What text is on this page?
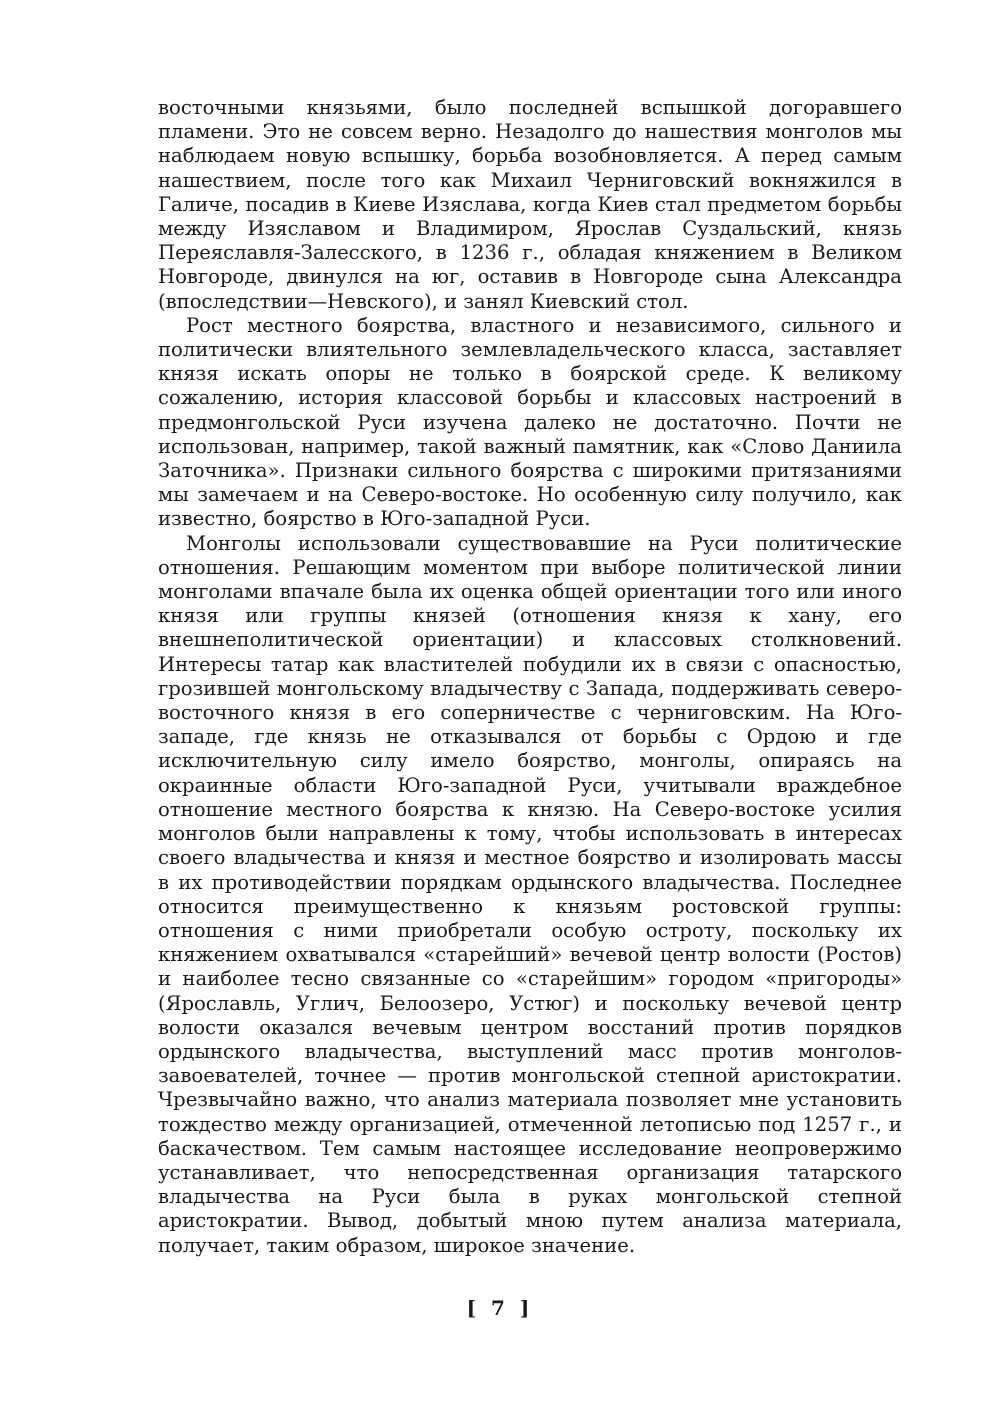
восточными князьями, было последней вспышкой догоравшего пламени. Это не совсем верно. Незадолго до нашествия монголов мы наблюдаем новую вспышку, борьба возобновляется. А перед самым нашествием, после того как Михаил Черниговский вокняжился в Галиче, посадив в Киеве Изяслава, когда Киев стал предметом борьбы между Изяславом и Владимиром, Ярослав Суздальский, князь Переяславля-Залесского, в 1236 г., обладая княжением в Великом Новгороде, двинулся на юг, оставив в Новгороде сына Александра (впоследствии—Невского), и занял Киевский стол.

Рост местного боярства, властного и независимого, сильного и политически влиятельного землевладельческого класса, заставляет князя искать опоры не только в боярской среде. К великому сожалению, история классовой борьбы и классовых настроений в предмонгольской Руси изучена далеко не достаточно. Почти не использован, например, такой важный памятник, как «Слово Даниила Заточника». Признаки сильного боярства с широкими притязаниями мы замечаем и на Северо-востоке. Но особенную силу получило, как известно, боярство в Юго-западной Руси.

Монголы использовали существовавшие на Руси политические отношения. Решающим моментом при выборе политической линии монголами впачале была их оценка общей ориентации того или иного князя или группы князей (отношения князя к хану, его внешнеполитической ориентации) и классовых столкновений. Интересы татар как властителей побудили их в связи с опасностью, грозившей монгольскому владычеству с Запада, поддерживать северо-восточного князя в его соперничестве с черниговским. На Юго-западе, где князь не отказывался от борьбы с Ордою и где исключительную силу имело боярство, монголы, опираясь на окраинные области Юго-западной Руси, учитывали враждебное отношение местного боярства к князю. На Северо-востоке усилия монголов были направлены к тому, чтобы использовать в интересах своего владычества и князя и местное боярство и изолировать массы в их противодействии порядкам ордынского владычества. Последнее относится преимущественно к князьям ростовской группы: отношения с ними приобретали особую остроту, поскольку их княжением охватывался «старейший» вечевой центр волости (Ростов) и наиболее тесно связанные со «старейшим» городом «пригороды» (Ярославль, Углич, Белоозеро, Устюг) и поскольку вечевой центр волости оказался вечевым центром восстаний против порядков ордынского владычества, выступлений масс против монголов-завоевателей, точнее — против монгольской степной аристократии. Чрезвычайно важно, что анализ материала позволяет мне установить тождество между организацией, отмеченной летописью под 1257 г., и баскачеством. Тем самым настоящее исследование неопровержимо устанавливает, что непосредственная организация татарского владычества на Руси была в руках монгольской степной аристократии. Вывод, добытый мною путем анализа материала, получает, таким образом, широкое значение.

[ 7 ]
